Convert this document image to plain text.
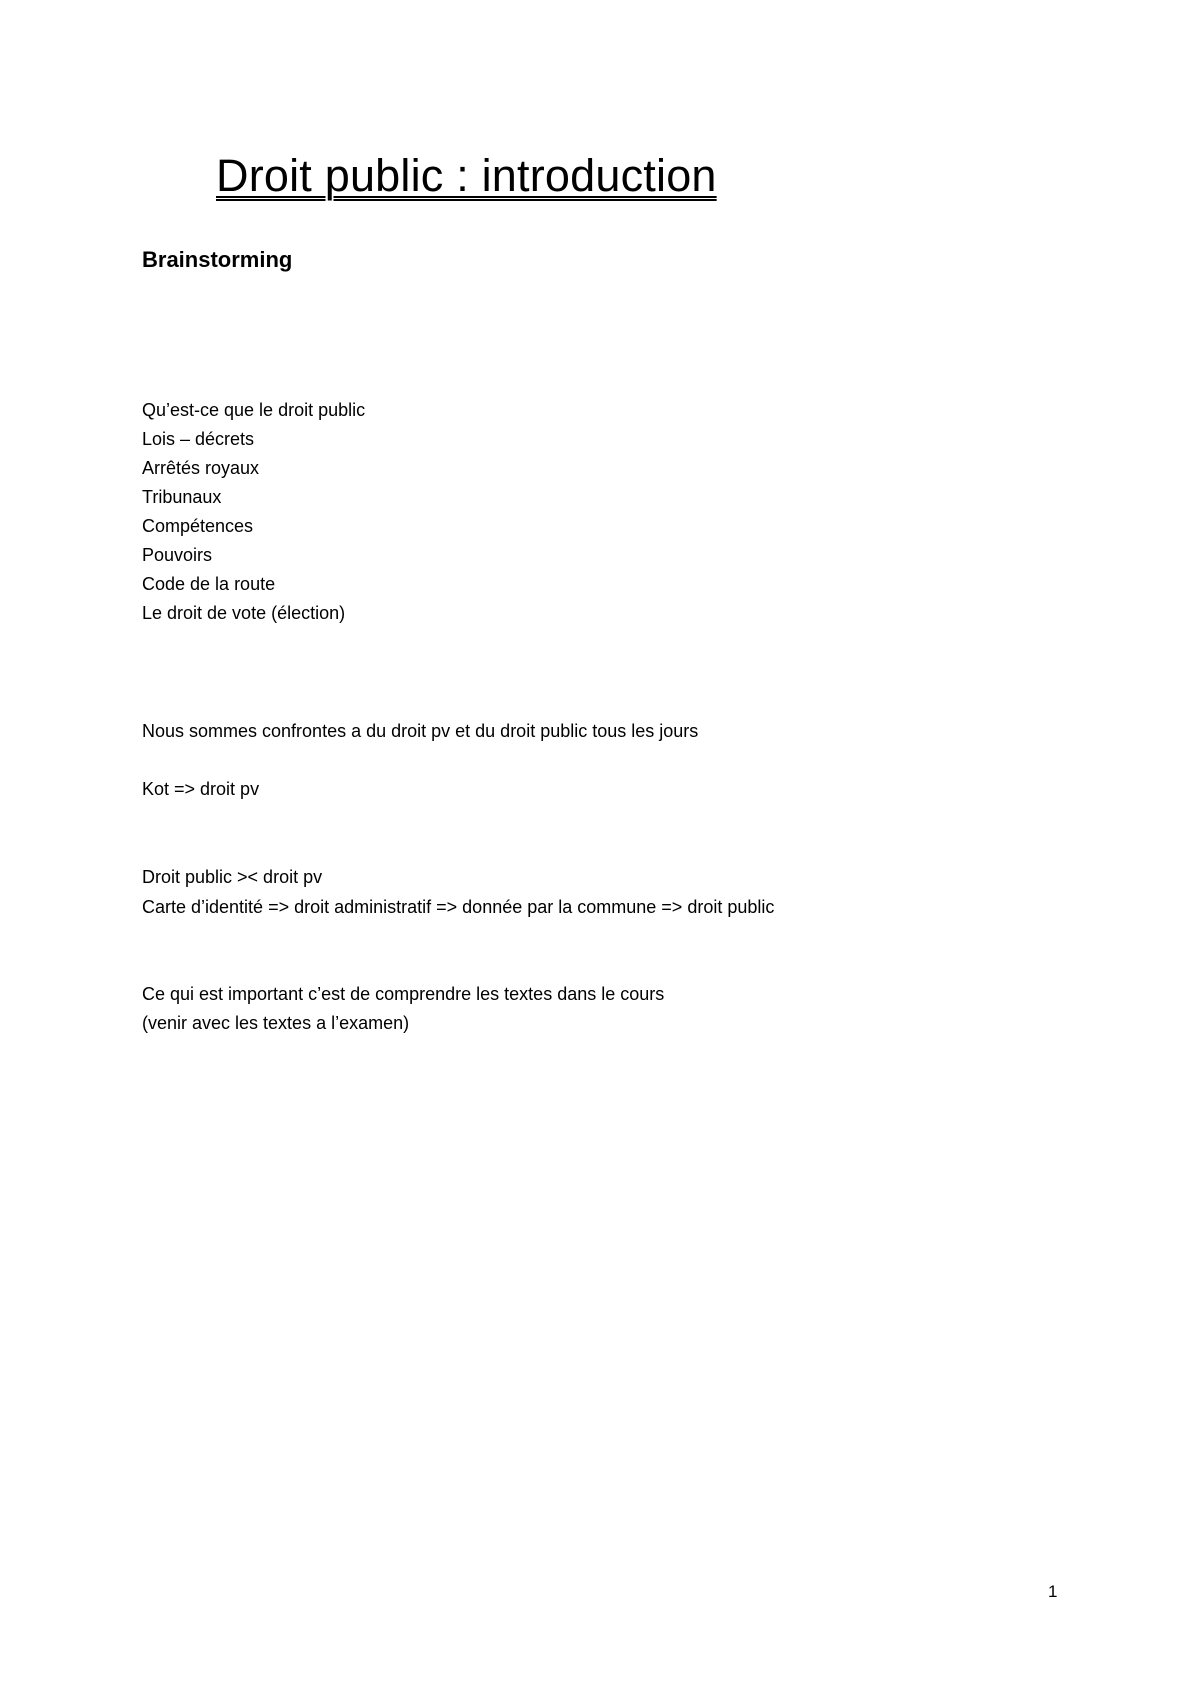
Droit public : introduction
Brainstorming

Qu’est-ce que le droit public

Lois – décrets

Arrêtés royaux

Tribunaux

Compétences

Pouvoirs

Code de la route

Le droit de vote (élection)

Nous sommes confrontes a du droit pv et du droit public tous les jours

Kot => droit pv

Droit public >< droit pv

Carte d’identité => droit administratif => donnée par la commune => droit public

Ce qui est important c’est de comprendre les textes dans le cours

(venir avec les textes a l’examen)

1
